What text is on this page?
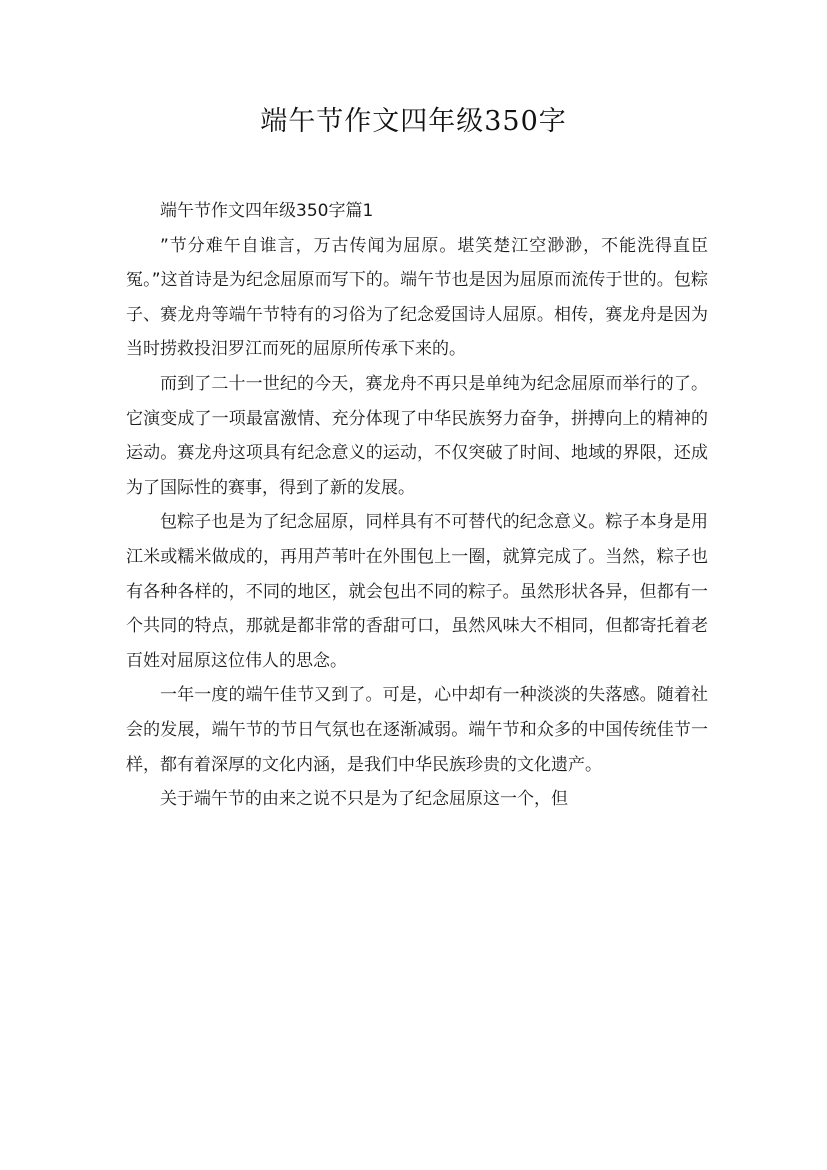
端午节作文四年级350字

端午节作文四年级350字篇1

”节分难午自谁言，万古传闻为屈原。堪笑楚江空渺渺，不能洗得直臣冤。”这首诗是为纪念屈原而写下的。端午节也是因为屈原而流传于世的。包粽子、赛龙舟等端午节特有的习俗为了纪念爱国诗人屈原。相传，赛龙舟是因为当时捞救投汨罗江而死的屈原所传承下来的。

而到了二十一世纪的今天，赛龙舟不再只是单纯为纪念屈原而举行的了。它演变成了一项最富激情、充分体现了中华民族努力奋争，拼搏向上的精神的运动。赛龙舟这项具有纪念意义的运动，不仅突破了时间、地域的界限，还成为了国际性的赛事，得到了新的发展。

包粽子也是为了纪念屈原，同样具有不可替代的纪念意义。粽子本身是用江米或糯米做成的，再用芦苇叶在外围包上一圈，就算完成了。当然，粽子也有各种各样的，不同的地区，就会包出不同的粽子。虽然形状各异，但都有一个共同的特点，那就是都非常的香甜可口，虽然风味大不相同，但都寄托着老百姓对屈原这位伟人的思念。

一年一度的端午佳节又到了。可是，心中却有一种淡淡的失落感。随着社会的发展，端午节的节日气氛也在逐渐减弱。端午节和众多的中国传统佳节一样，都有着深厚的文化内涵，是我们中华民族珍贵的文化遗产。

关于端午节的由来之说不只是为了纪念屈原这一个，但
